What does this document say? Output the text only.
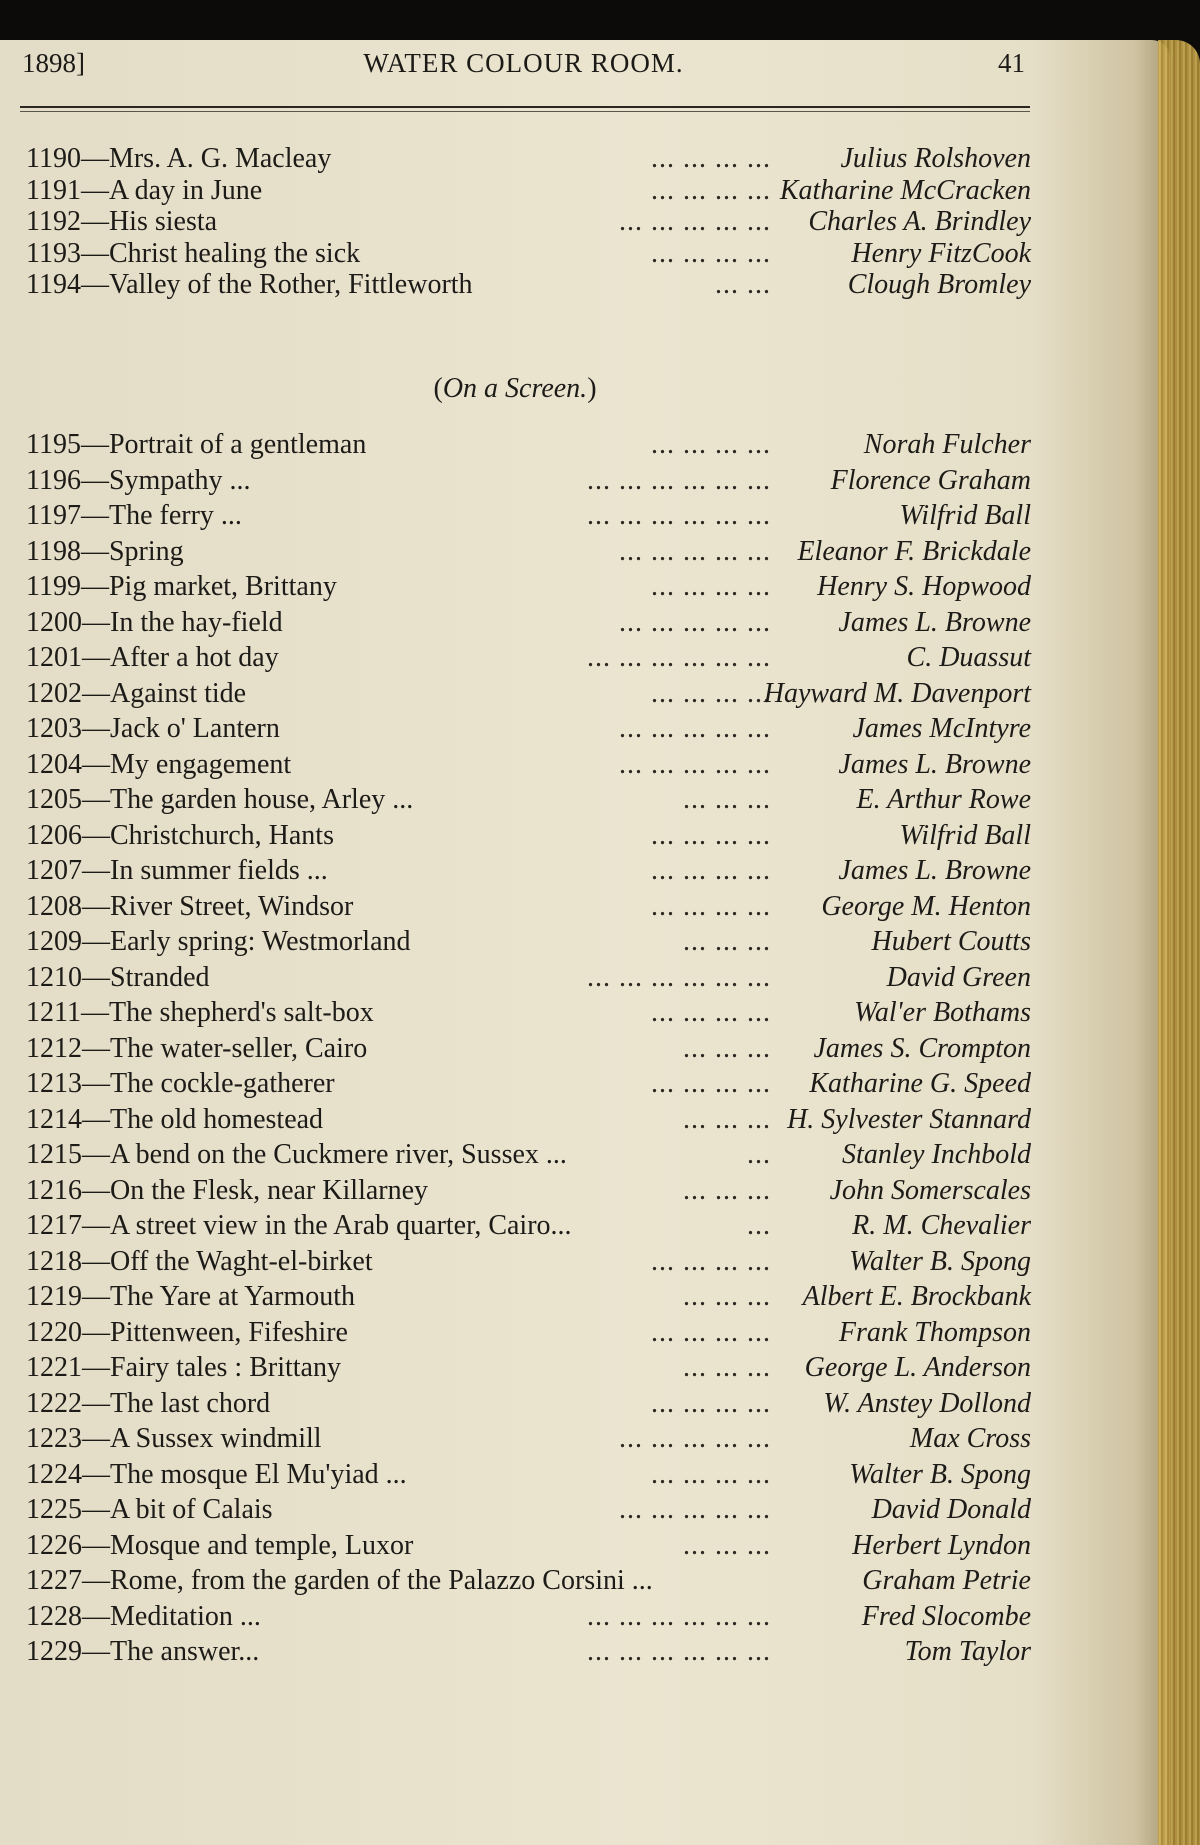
1898]	WATER COLOUR ROOM.	41
... ... ... ...
1190—Mrs. A. G. Macleay	Julius Rolshoven
... ... ... ...
1191—A day in June	Katharine McCracken
... ... ... ... ...
1192—His siesta	Charles A. Brindley
... ... ... ...
1193—Christ healing the sick	Henry FitzCook
... ...
1194—Valley of the Rother, Fittleworth	Clough Bromley
(On a Screen.)
... ... ... ...
1195—Portrait of a gentleman	Norah Fulcher
... ... ... ... ... ...
1196—Sympathy ...	Florence Graham
... ... ... ... ... ...
1197—The ferry ...	Wilfrid Ball
... ... ... ... ...
1198—Spring	Eleanor F. Brickdale
... ... ... ...
1199—Pig market, Brittany	Henry S. Hopwood
... ... ... ... ...
1200—In the hay-field	James L. Browne
... ... ... ... ... ...
1201—After a hot day	C. Duassut
... ... ... ...
1202—Against tide	Hayward M. Davenport
... ... ... ... ...
1203—Jack o' Lantern	James McIntyre
... ... ... ... ...
1204—My engagement	James L. Browne
... ... ...
1205—The garden house, Arley ...	E. Arthur Rowe
... ... ... ...
1206—Christchurch, Hants	Wilfrid Ball
... ... ... ...
1207—In summer fields ...	James L. Browne
... ... ... ...
1208—River Street, Windsor	George M. Henton
... ... ...
1209—Early spring: Westmorland	Hubert Coutts
... ... ... ... ... ...
1210—Stranded	David Green
... ... ... ...
1211—The shepherd's salt-box	Wal'er Bothams
... ... ...
1212—The water-seller, Cairo	James S. Crompton
... ... ... ...
1213—The cockle-gatherer	Katharine G. Speed
... ... ...
1214—The old homestead	H. Sylvester Stannard
...
1215—A bend on the Cuckmere river, Sussex ...	Stanley Inchbold
... ... ...
1216—On the Flesk, near Killarney	John Somerscales
...
1217—A street view in the Arab quarter, Cairo...	R. M. Chevalier
... ... ... ...
1218—Off the Waght-el-birket	Walter B. Spong
... ... ...
1219—The Yare at Yarmouth	Albert E. Brockbank
... ... ... ...
1220—Pittenween, Fifeshire	Frank Thompson
... ... ...
1221—Fairy tales : Brittany	George L. Anderson
... ... ... ...
1222—The last chord	W. Anstey Dollond
... ... ... ... ...
1223—A Sussex windmill	Max Cross
... ... ... ...
1224—The mosque El Mu'yiad ...	Walter B. Spong
... ... ... ... ...
1225—A bit of Calais	David Donald
... ... ...
1226—Mosque and temple, Luxor	Herbert Lyndon
1227—Rome, from the garden of the Palazzo Corsini ...	Graham Petrie
... ... ... ... ... ...
1228—Meditation ...	Fred Slocombe
... ... ... ... ... ...
1229—The answer...	Tom Taylor
